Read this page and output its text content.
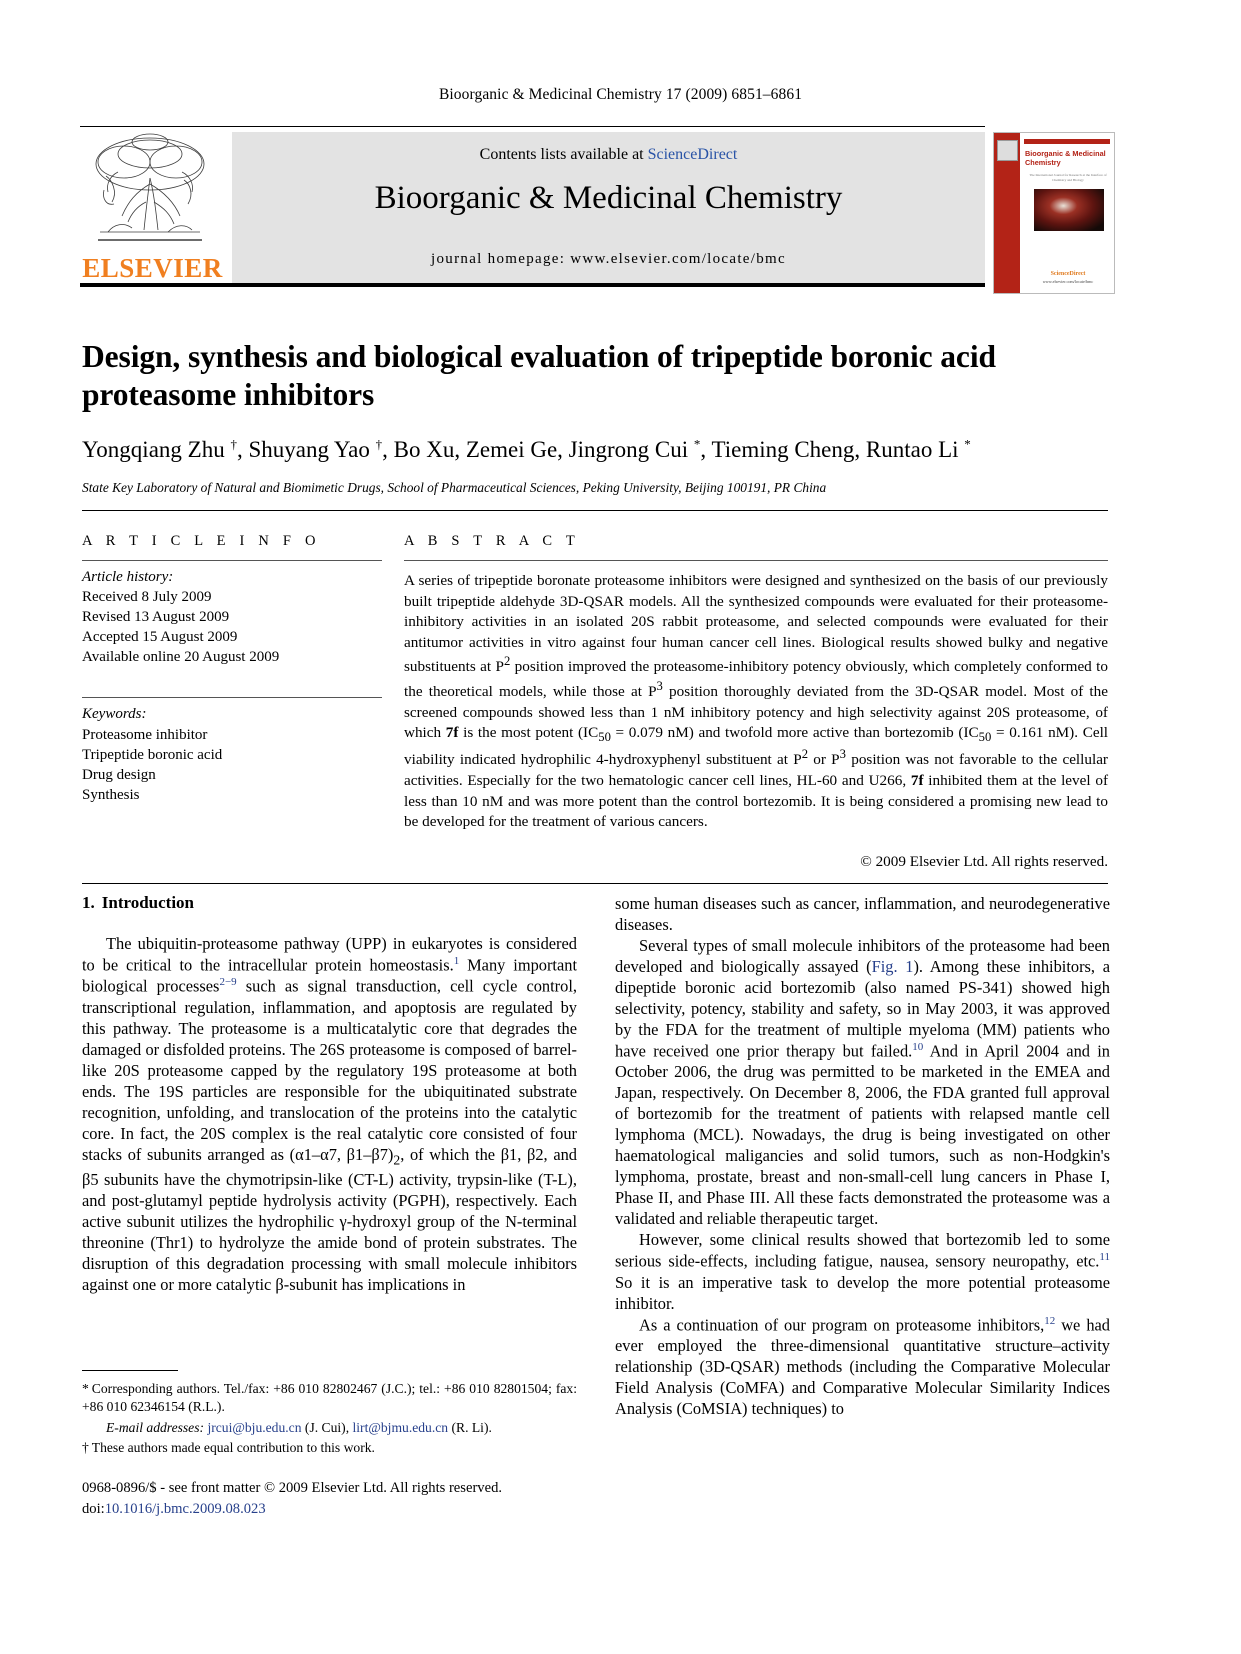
Bioorganic & Medicinal Chemistry 17 (2009) 6851–6861
ELSEVIER
Contents lists available at ScienceDirect
Bioorganic & Medicinal Chemistry
journal homepage: www.elsevier.com/locate/bmc
Bioorganic & Medicinal Chemistry
The International Journal for Research at the Interface of Chemistry and Biology
ScienceDirect
www.elsevier.com/locate/bmc
Design, synthesis and biological evaluation of tripeptide boronic acid proteasome inhibitors
Yongqiang Zhu †, Shuyang Yao †, Bo Xu, Zemei Ge, Jingrong Cui *, Tieming Cheng, Runtao Li *
State Key Laboratory of Natural and Biomimetic Drugs, School of Pharmaceutical Sciences, Peking University, Beijing 100191, PR China
A R T I C L E I N F O
Article history:
Received 8 July 2009
Revised 13 August 2009
Accepted 15 August 2009
Available online 20 August 2009
Keywords:
Proteasome inhibitor
Tripeptide boronic acid
Drug design
Synthesis
A B S T R A C T
A series of tripeptide boronate proteasome inhibitors were designed and synthesized on the basis of our previously built tripeptide aldehyde 3D-QSAR models. All the synthesized compounds were evaluated for their proteasome-inhibitory activities in an isolated 20S rabbit proteasome, and selected compounds were evaluated for their antitumor activities in vitro against four human cancer cell lines. Biological results showed bulky and negative substituents at $P^2$ position improved the proteasome-inhibitory potency obviously, which completely conformed to the theoretical models, while those at $P^3$ position thoroughly deviated from the 3D-QSAR model. Most of the screened compounds showed less than 1 nM inhibitory potency and high selectivity against 20S proteasome, of which 7f is the most potent ($IC_{50} = 0.079$ nM) and twofold more active than bortezomib ($IC_{50} = 0.161$ nM). Cell viability indicated hydrophilic 4-hydroxyphenyl substituent at $P^2$ or $P^3$ position was not favorable to the cellular activities. Especially for the two hematologic cancer cell lines, HL-60 and U266, 7f inhibited them at the level of less than 10 nM and was more potent than the control bortezomib. It is being considered a promising new lead to be developed for the treatment of various cancers.
© 2009 Elsevier Ltd. All rights reserved.
1. Introduction

The ubiquitin-proteasome pathway (UPP) in eukaryotes is considered to be critical to the intracellular protein homeostasis.$^1$ Many important biological processes$^{2-9}$ such as signal transduction, cell cycle control, transcriptional regulation, inflammation, and apoptosis are regulated by this pathway. The proteasome is a multicatalytic core that degrades the damaged or disfolded proteins. The 26S proteasome is composed of barrel-like 20S proteasome capped by the regulatory 19S proteasome at both ends. The 19S particles are responsible for the ubiquitinated substrate recognition, unfolding, and translocation of the proteins into the catalytic core. In fact, the 20S complex is the real catalytic core consisted of four stacks of subunits arranged as (α1–α7, $\beta 1-\beta 7)_2$, of which the β1, β2, and β5 subunits have the chymotripsin-like (CT-L) activity, trypsin-like (T-L), and post-glutamyl peptide hydrolysis activity (PGPH), respectively. Each active subunit utilizes the hydrophilic γ-hydroxyl group of the N-terminal threonine (Thr1) to hydrolyze the amide bond of protein substrates. The disruption of this degradation processing with small molecule inhibitors against one or more catalytic β-subunit has implications in

some human diseases such as cancer, inflammation, and neurodegenerative diseases.

Several types of small molecule inhibitors of the proteasome had been developed and biologically assayed (Fig. 1). Among these inhibitors, a dipeptide boronic acid bortezomib (also named PS-341) showed high selectivity, potency, stability and safety, so in May 2003, it was approved by the FDA for the treatment of multiple myeloma (MM) patients who have received one prior therapy but failed.$^{10}$ And in April 2004 and in October 2006, the drug was permitted to be marketed in the EMEA and Japan, respectively. On December 8, 2006, the FDA granted full approval of bortezomib for the treatment of patients with relapsed mantle cell lymphoma (MCL). Nowadays, the drug is being investigated on other haematological maligancies and solid tumors, such as non-Hodgkin's lymphoma, prostate, breast and non-small-cell lung cancers in Phase I, Phase II, and Phase III. All these facts demonstrated the proteasome was a validated and reliable therapeutic target.

However, some clinical results showed that bortezomib led to some serious side-effects, including fatigue, nausea, sensory neuropathy, etc.$^{11}$ So it is an imperative task to develop the more potential proteasome inhibitor.

As a continuation of our program on proteasome inhibitors,$^{12}$ we had ever employed the three-dimensional quantitative structure–activity relationship (3D-QSAR) methods (including the Comparative Molecular Field Analysis (CoMFA) and Comparative Molecular Similarity Indices Analysis (CoMSIA) techniques) to

* Corresponding authors. Tel./fax: +86 010 82802467 (J.C.); tel.: +86 010 82801504; fax: +86 010 62346154 (R.L.).

E-mail addresses: jrcui@bju.edu.cn (J. Cui), lirt@bjmu.edu.cn (R. Li).

† These authors made equal contribution to this work.

0968-0896/$ - see front matter © 2009 Elsevier Ltd. All rights reserved.
doi:10.1016/j.bmc.2009.08.023
